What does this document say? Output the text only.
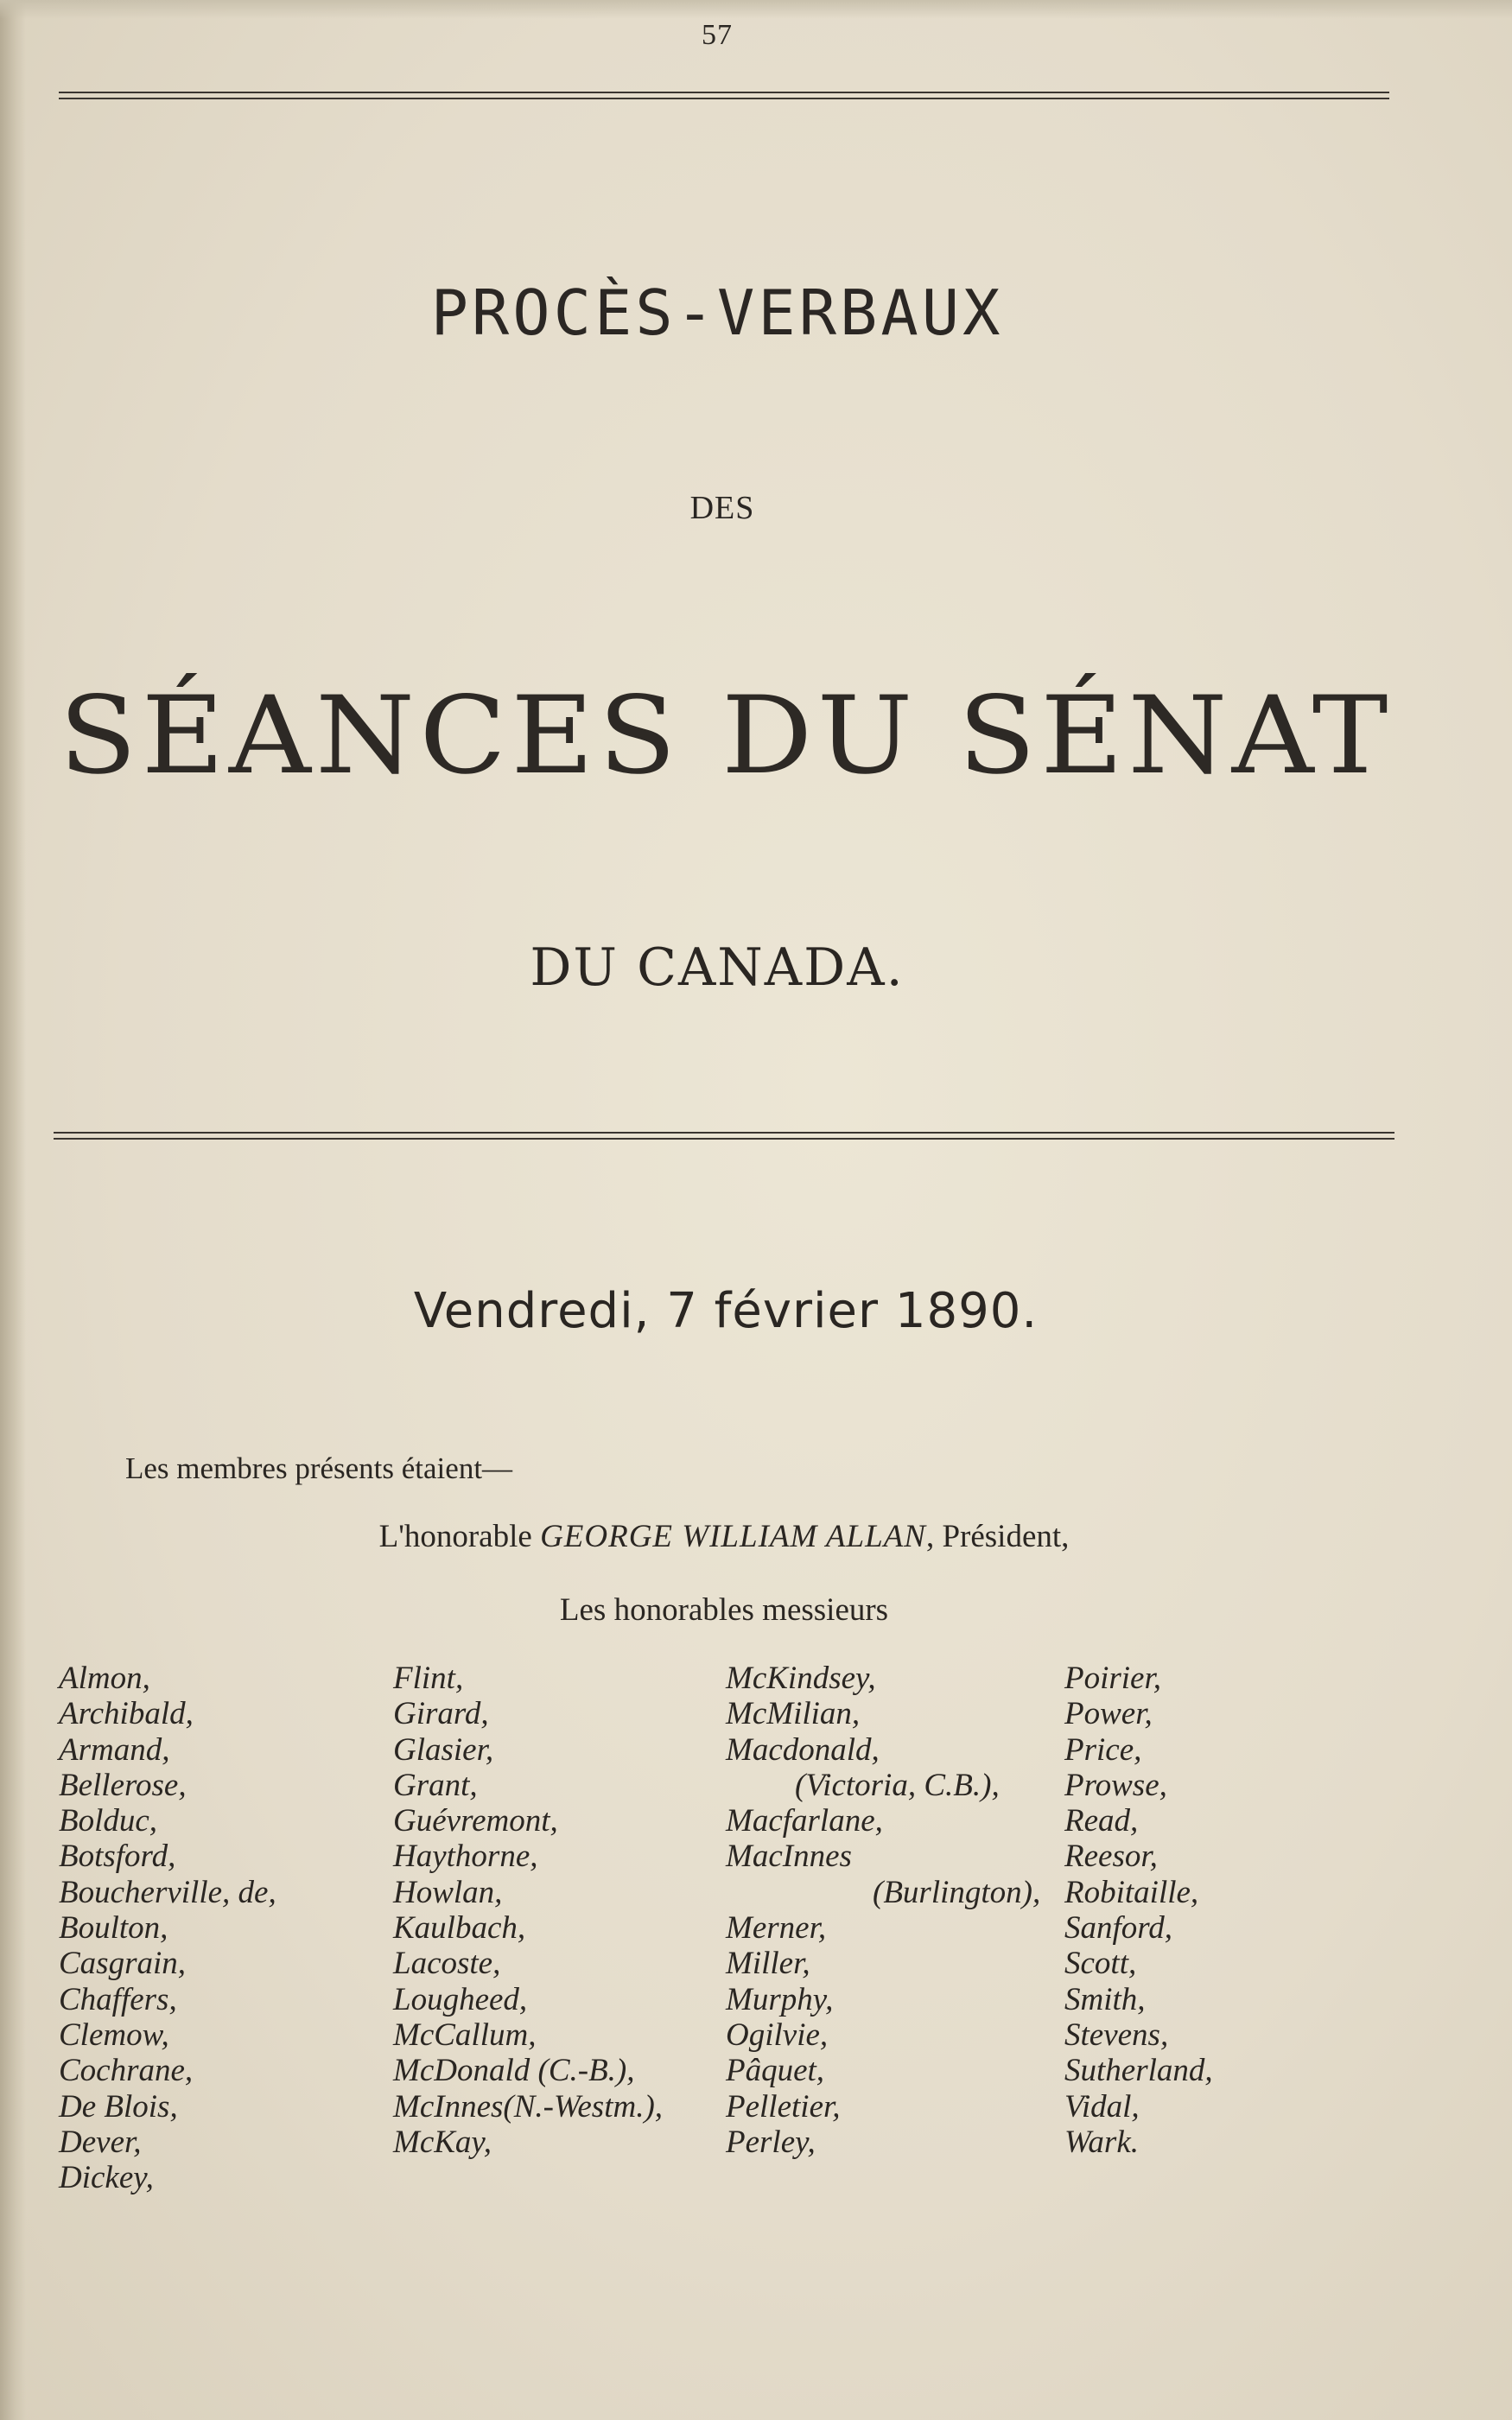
57
PROCÈS-VERBAUX
DES
SÉANCES DU SÉNAT
DU CANADA.
Vendredi, 7 février 1890.
Les membres présents étaient—
L'honorable GEORGE WILLIAM ALLAN, Président,
Les honorables messieurs
Almon,
Archibald,
Armand,
Bellerose,
Bolduc,
Botsford,
Boucherville, de,
Boulton,
Casgrain,
Chaffers,
Clemow,
Cochrane,
De Blois,
Dever,
Dickey,
Flint,
Girard,
Glasier,
Grant,
Guévremont,
Haythorne,
Howlan,
Kaulbach,
Lacoste,
Lougheed,
McCallum,
McDonald (C.-B.),
McInnes(N.-Westm.),
McKay,
McKindsey,
McMilian,
Macdonald,
(Victoria, C.B.),
Macfarlane,
MacInnes
(Burlington),
Merner,
Miller,
Murphy,
Ogilvie,
Pâquet,
Pelletier,
Perley,
Poirier,
Power,
Price,
Prowse,
Read,
Reesor,
Robitaille,
Sanford,
Scott,
Smith,
Stevens,
Sutherland,
Vidal,
Wark.
